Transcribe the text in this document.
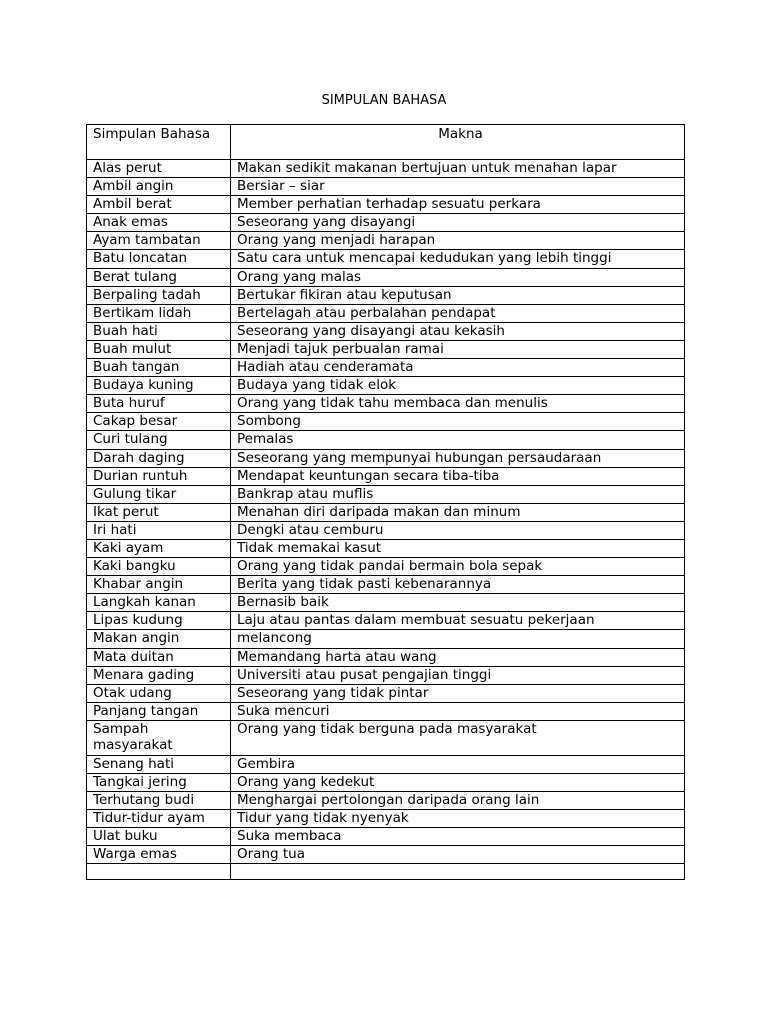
SIMPULAN BAHASA
Simpulan Bahasa	Makna
Alas perut	Makan sedikit makanan bertujuan untuk menahan lapar
Ambil angin	Bersiar – siar
Ambil berat	Member perhatian terhadap sesuatu perkara
Anak emas	Seseorang yang disayangi
Ayam tambatan	Orang yang menjadi harapan
Batu loncatan	Satu cara untuk mencapai kedudukan yang lebih tinggi
Berat tulang	Orang yang malas
Berpaling tadah	Bertukar fikiran atau keputusan
Bertikam lidah	Bertelagah atau perbalahan pendapat
Buah hati	Seseorang yang disayangi atau kekasih
Buah mulut	Menjadi tajuk perbualan ramai
Buah tangan	Hadiah atau cenderamata
Budaya kuning	Budaya yang tidak elok
Buta huruf	Orang yang tidak tahu membaca dan menulis
Cakap besar	Sombong
Curi tulang	Pemalas
Darah daging	Seseorang yang mempunyai hubungan persaudaraan
Durian runtuh	Mendapat keuntungan secara tiba-tiba
Gulung tikar	Bankrap atau muflis
Ikat perut	Menahan diri daripada makan dan minum
Iri hati	Dengki atau cemburu
Kaki ayam	Tidak memakai kasut
Kaki bangku	Orang yang tidak pandai bermain bola sepak
Khabar angin	Berita yang tidak pasti kebenarannya
Langkah kanan	Bernasib baik
Lipas kudung	Laju atau pantas dalam membuat sesuatu pekerjaan
Makan angin	melancong
Mata duitan	Memandang harta atau wang
Menara gading	Universiti atau pusat pengajian tinggi
Otak udang	Seseorang yang tidak pintar
Panjang tangan	Suka mencuri
Sampah masyarakat	Orang yang tidak berguna pada masyarakat
Senang hati	Gembira
Tangkai jering	Orang yang kedekut
Terhutang budi	Menghargai pertolongan daripada orang lain
Tidur-tidur ayam	Tidur yang tidak nyenyak
Ulat buku	Suka membaca
Warga emas	Orang tua
